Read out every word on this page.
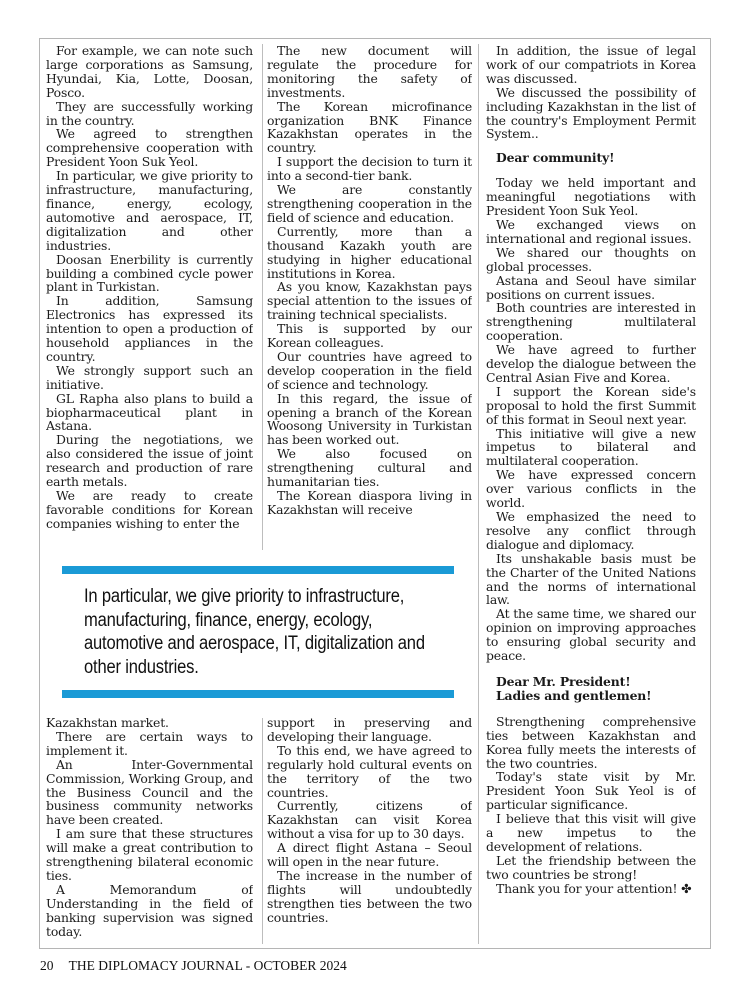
For example, we can note such large corporations as Samsung, Hyundai, Kia, Lotte, Doosan, Posco.

They are successfully working in the country.

We agreed to strengthen comprehensive cooperation with President Yoon Suk Yeol.

In particular, we give priority to infrastructure, manufacturing, finance, energy, ecology, automotive and aerospace, IT, digitalization and other industries.

Doosan Enerbility is currently building a combined cycle power plant in Turkistan.

In addition, Samsung Electronics has expressed its intention to open a production of household appliances in the country.

We strongly support such an initiative.

GL Rapha also plans to build a biopharmaceutical plant in Astana.

During the negotiations, we also considered the issue of joint research and production of rare earth metals.

We are ready to create favorable conditions for Korean companies wishing to enter the

The new document will regulate the procedure for monitoring the safety of investments.

The Korean microfinance organization BNK Finance Kazakhstan operates in the country.

I support the decision to turn it into a second-tier bank.

We are constantly strengthening cooperation in the field of science and education.

Currently, more than a thousand Kazakh youth are studying in higher educational institutions in Korea.

As you know, Kazakhstan pays special attention to the issues of training technical specialists.

This is supported by our Korean colleagues.

Our countries have agreed to develop cooperation in the field of science and technology.

In this regard, the issue of opening a branch of the Korean Woosong University in Turkistan has been worked out.

We also focused on strengthening cultural and humanitarian ties.

The Korean diaspora living in Kazakhstan will receive

In particular, we give priority to infrastructure, manufacturing, finance, energy, ecology, automotive and aerospace, IT, digitalization and other industries.

Kazakhstan market.

There are certain ways to implement it.

An Inter-Governmental Commission, Working Group, and the Business Council and the business community networks have been created.

I am sure that these structures will make a great contribution to strengthening bilateral economic ties.

A Memorandum of Understanding in the field of banking supervision was signed today.

support in preserving and developing their language.

To this end, we have agreed to regularly hold cultural events on the territory of the two countries.

Currently, citizens of Kazakhstan can visit Korea without a visa for up to 30 days.

A direct flight Astana – Seoul will open in the near future.

The increase in the number of flights will undoubtedly strengthen ties between the two countries.

In addition, the issue of legal work of our compatriots in Korea was discussed.

We discussed the possibility of including Kazakhstan in the list of the country's Employment Permit System..

Dear community!

Today we held important and meaningful negotiations with President Yoon Suk Yeol.

We exchanged views on international and regional issues.

We shared our thoughts on global processes.

Astana and Seoul have similar positions on current issues.

Both countries are interested in strengthening multilateral cooperation.

We have agreed to further develop the dialogue between the Central Asian Five and Korea.

I support the Korean side's proposal to hold the first Summit of this format in Seoul next year.

This initiative will give a new impetus to bilateral and multilateral cooperation.

We have expressed concern over various conflicts in the world.

We emphasized the need to resolve any conflict through dialogue and diplomacy.

Its unshakable basis must be the Charter of the United Nations and the norms of international law.

At the same time, we shared our opinion on improving approaches to ensuring global security and peace.

Dear Mr. President!

Ladies and gentlemen!

Strengthening comprehensive ties between Kazakhstan and Korea fully meets the interests of the two countries.

Today's state visit by Mr. President Yoon Suk Yeol is of particular significance.

I believe that this visit will give a new impetus to the development of relations.

Let the friendship between the two countries be strong!

Thank you for your attention! ✤

20 THE DIPLOMACY JOURNAL - OCTOBER 2024
